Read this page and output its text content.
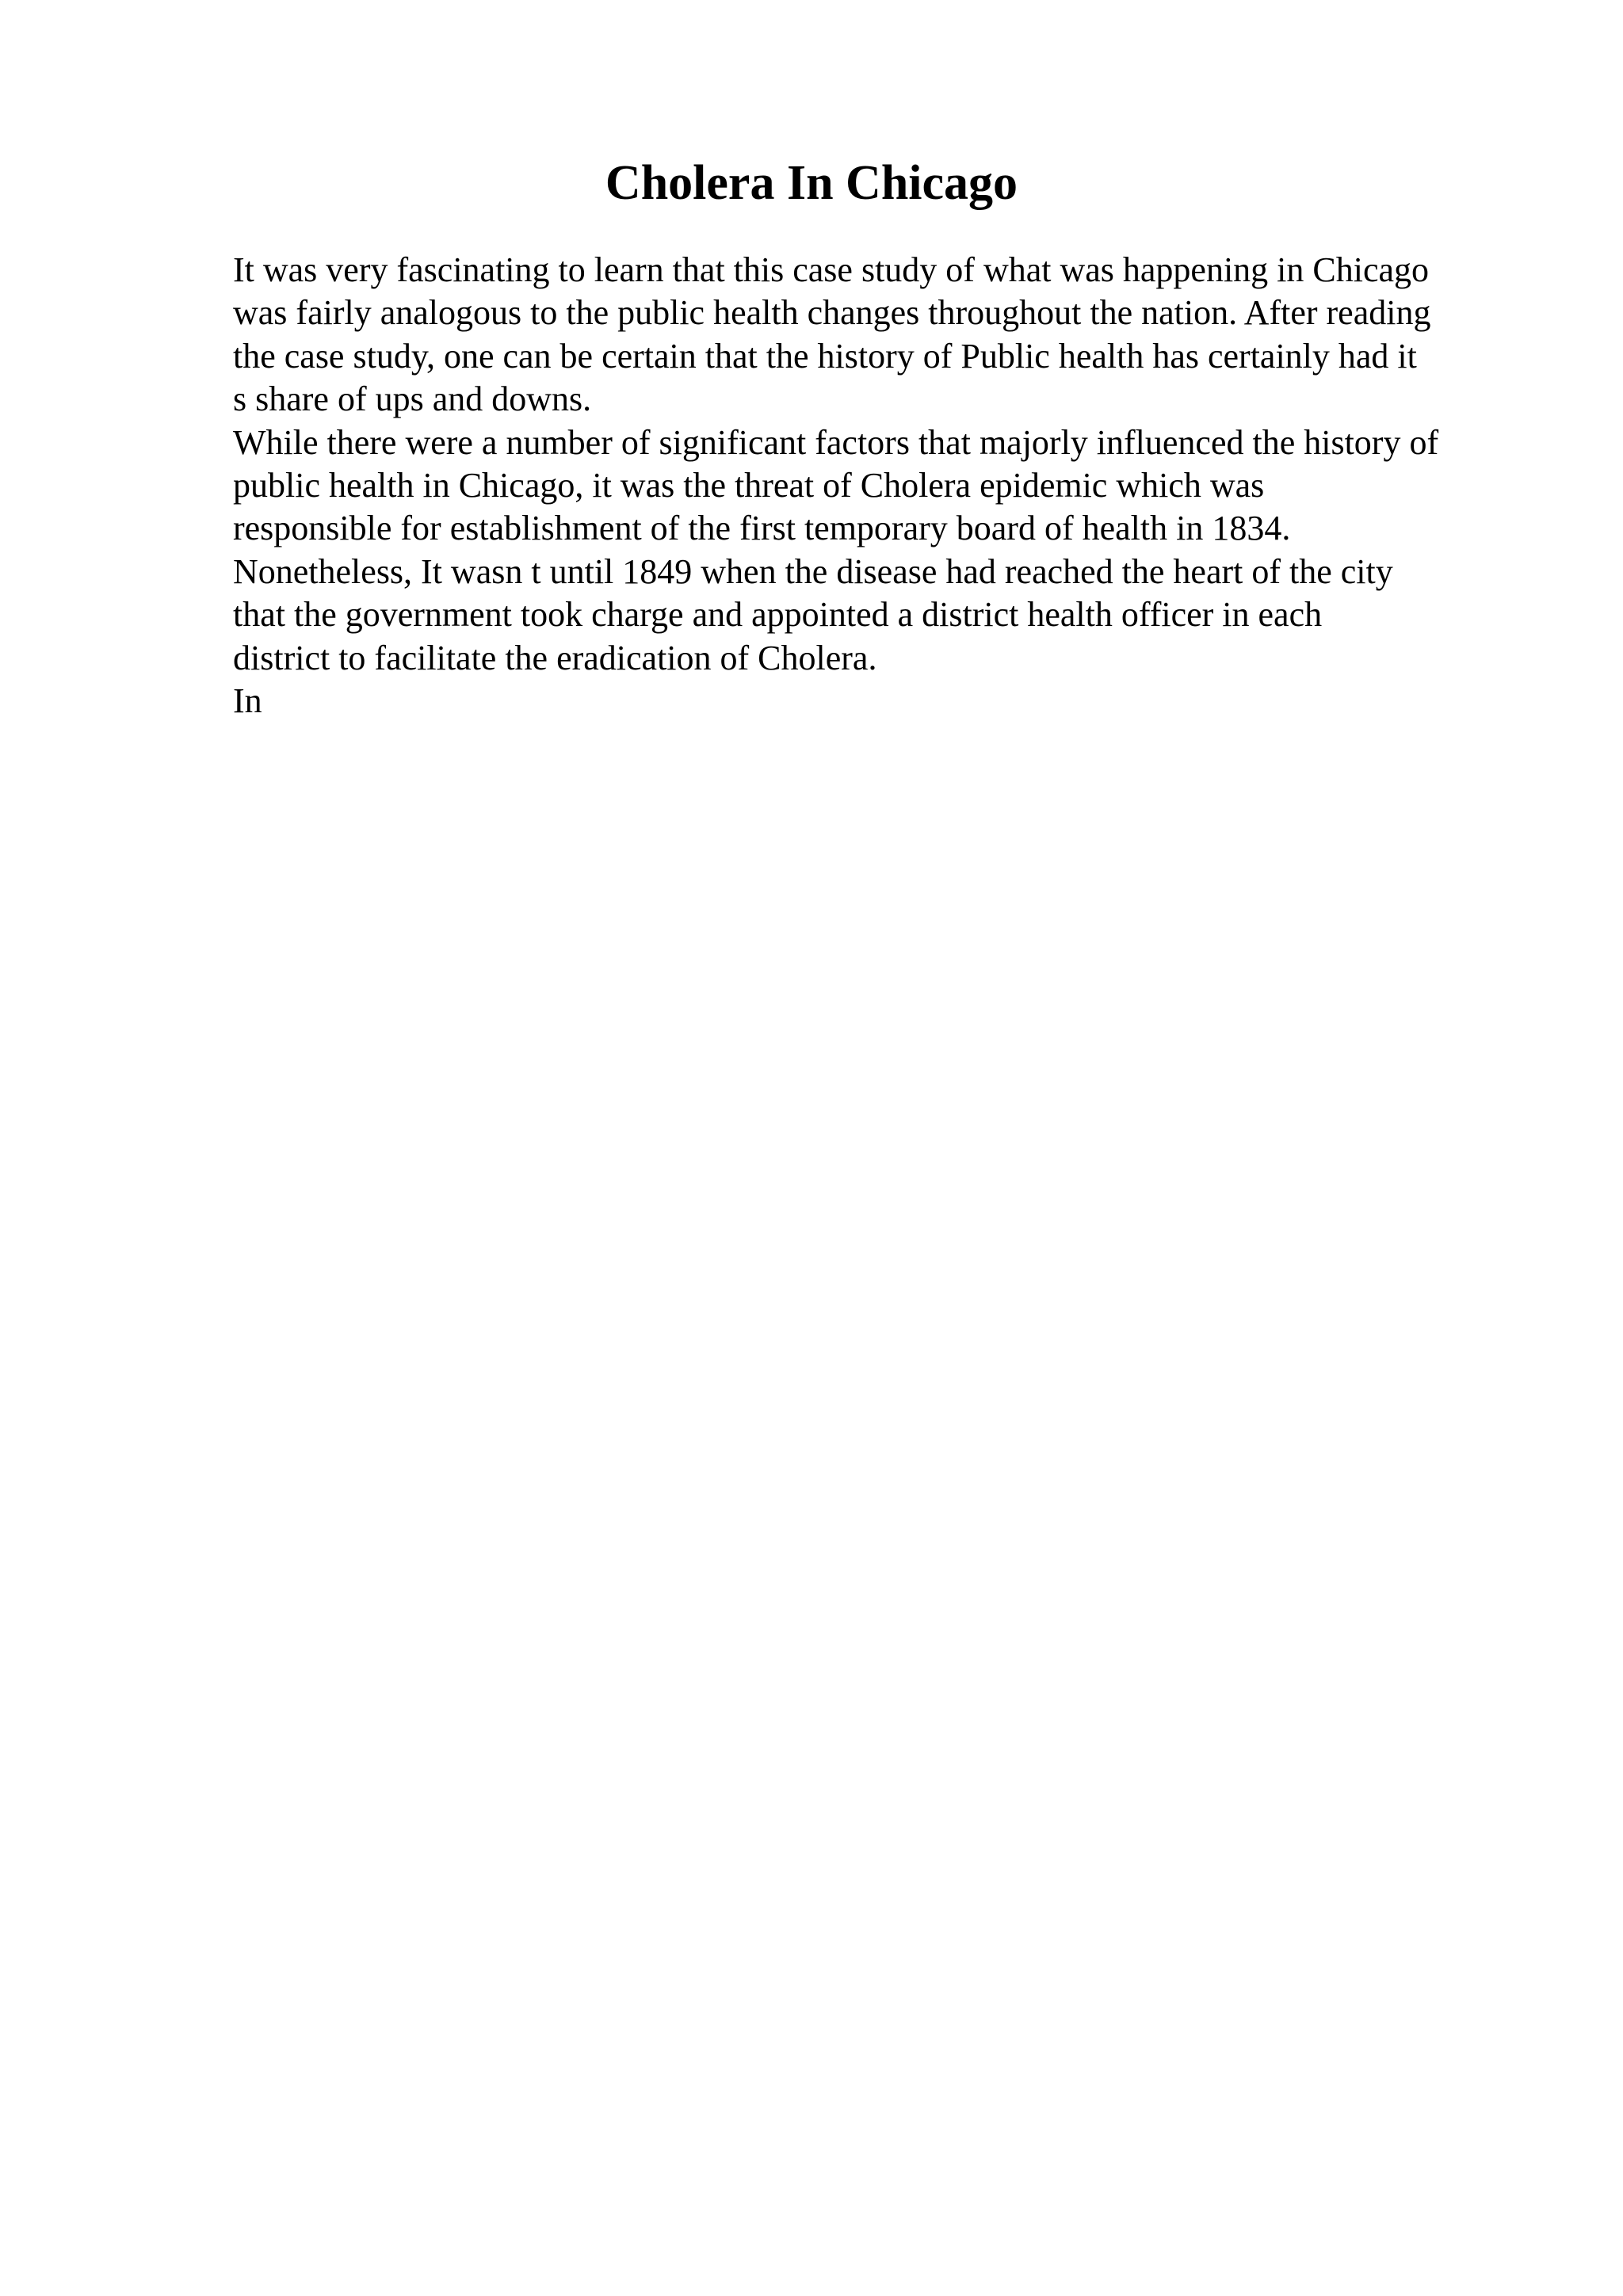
Cholera In Chicago
It was very fascinating to learn that this case study of what was happening in Chicago
was fairly analogous to the public health changes throughout the nation. After reading
the case study, one can be certain that the history of Public health has certainly had it
s share of ups and downs.
While there were a number of significant factors that majorly influenced the history of
public health in Chicago, it was the threat of Cholera epidemic which was
responsible for establishment of the first temporary board of health in 1834.
Nonetheless, It wasn t until 1849 when the disease had reached the heart of the city
that the government took charge and appointed a district health officer in each
district to facilitate the eradication of Cholera.
In
